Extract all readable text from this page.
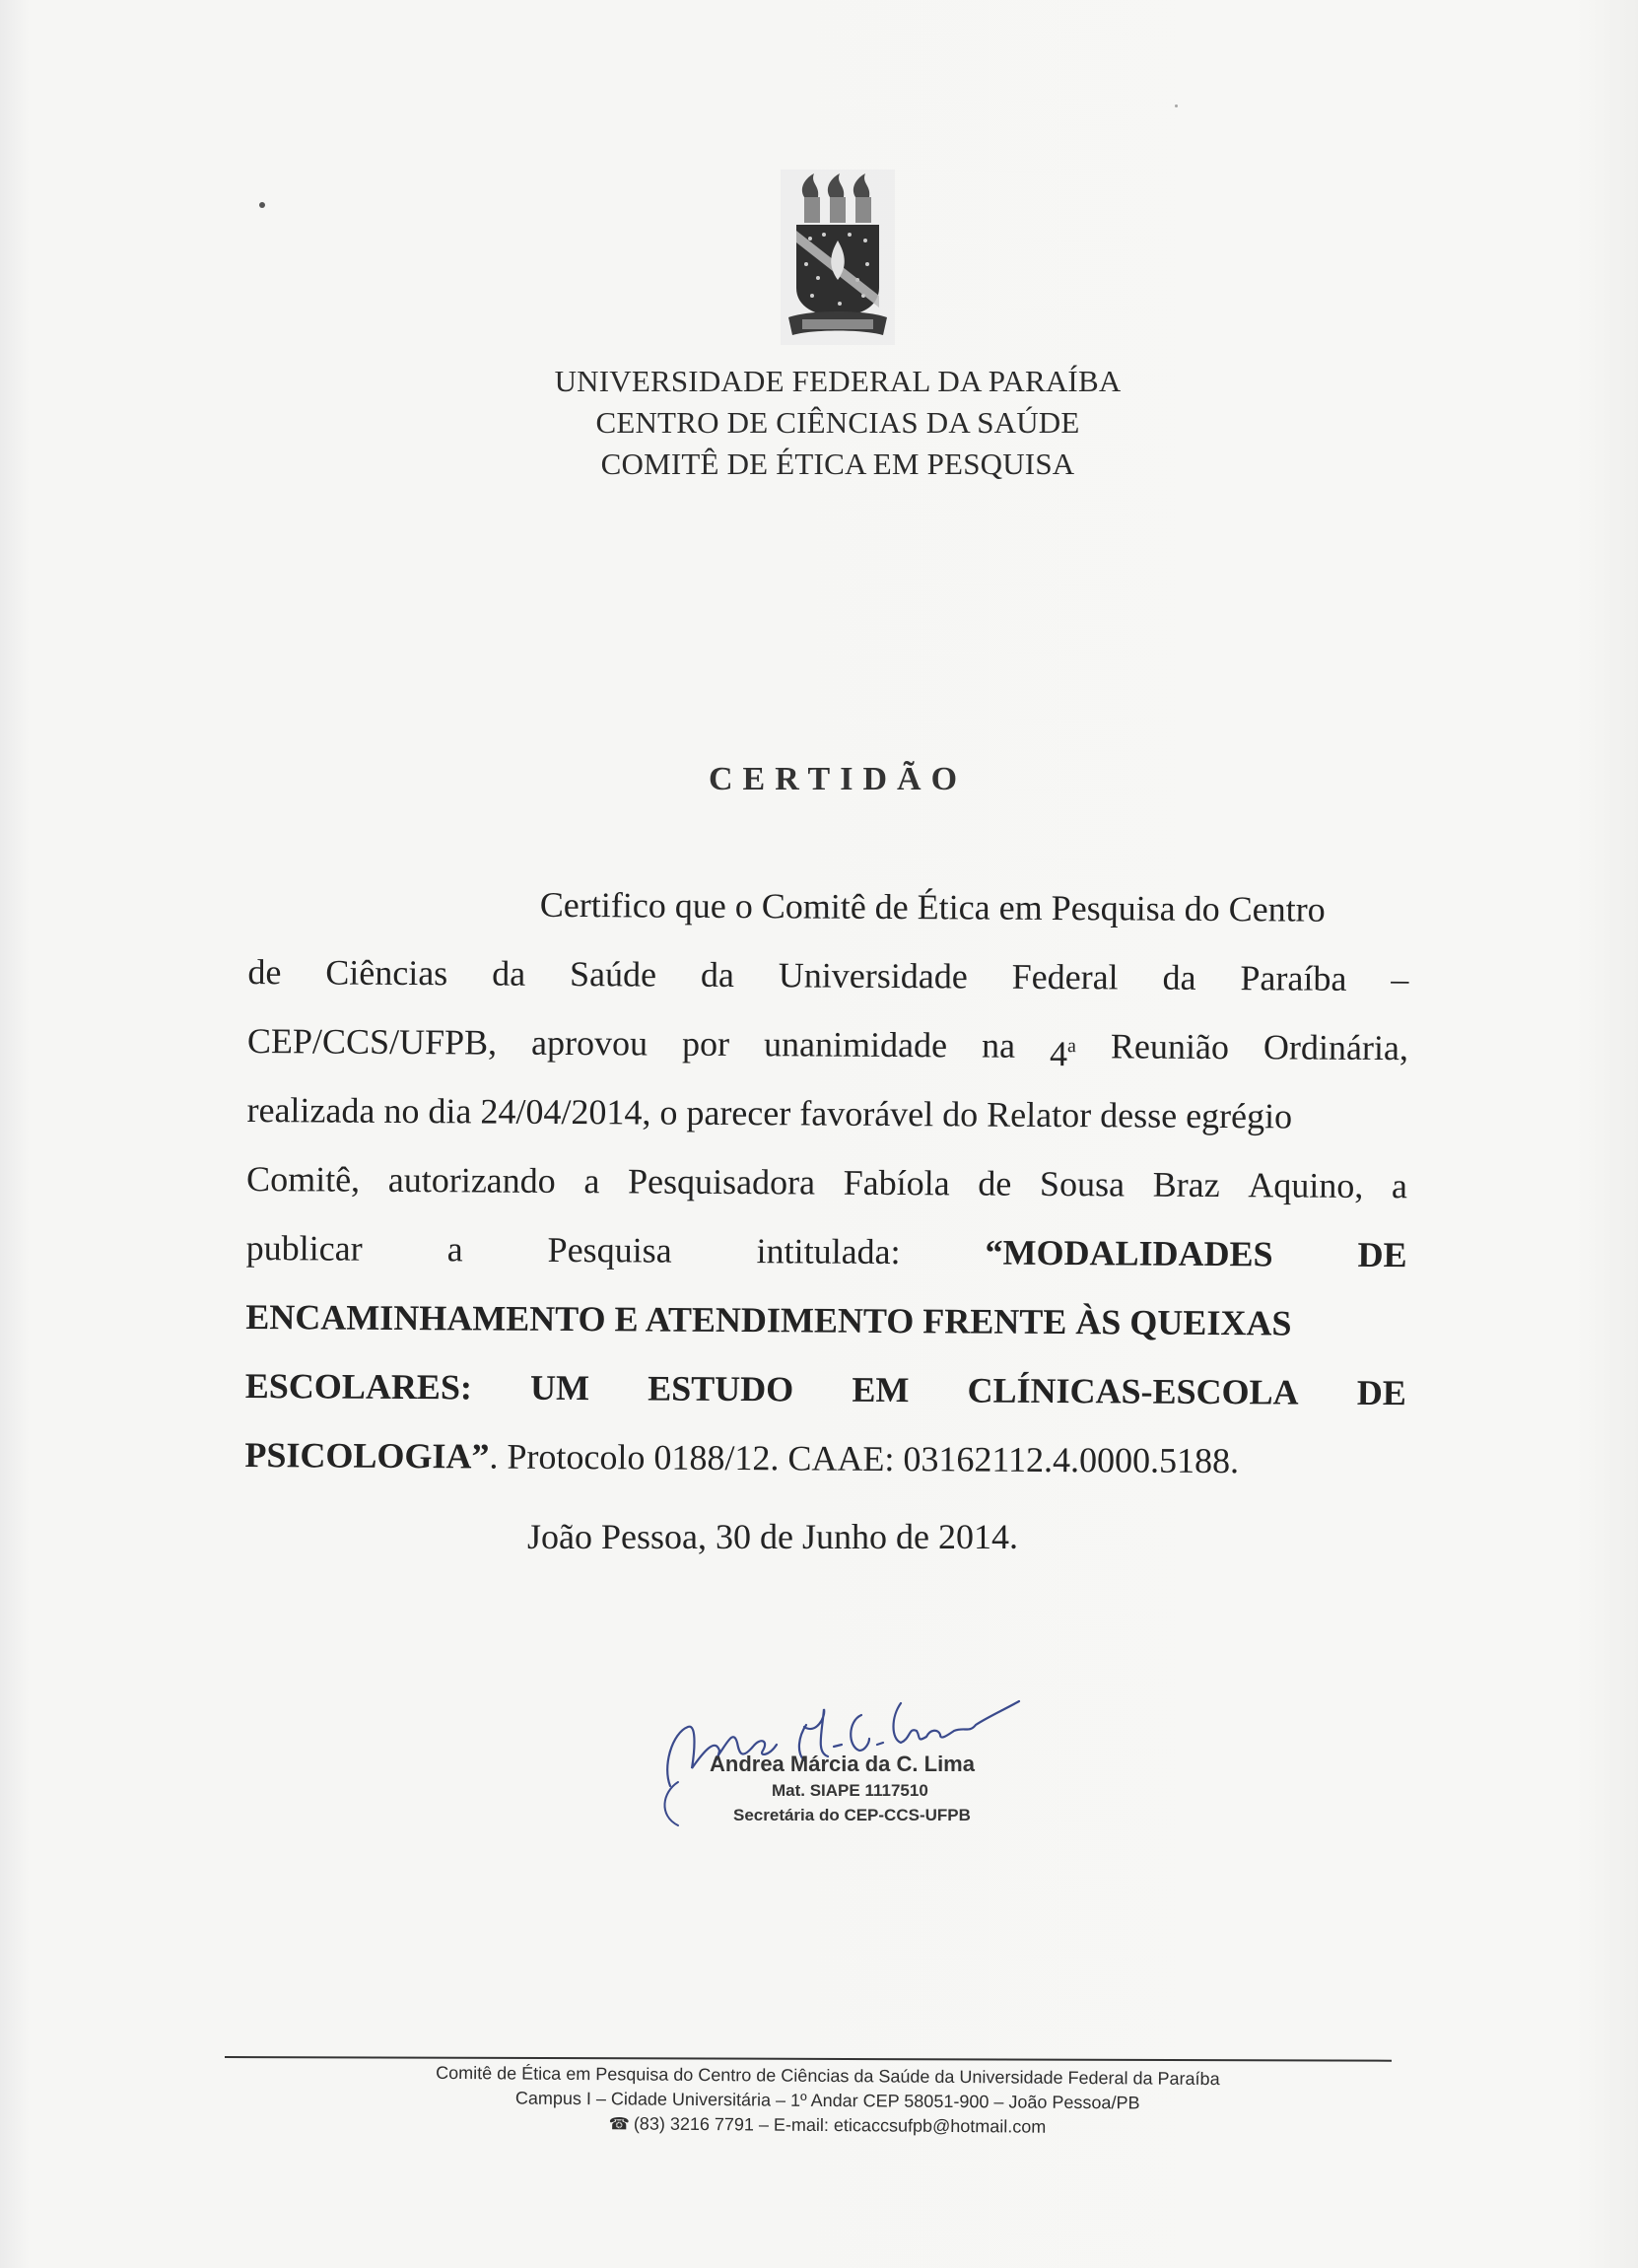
UNIVERSIDADE FEDERAL DA PARAÍBA
CENTRO DE CIÊNCIAS DA SAÚDE
COMITÊ DE ÉTICA EM PESQUISA
CERTIDÃO
Certifico que o Comitê de Ética em Pesquisa do Centro
de Ciências da Saúde da Universidade Federal da Paraíba –
CEP/CCS/UFPB, aprovou por unanimidade na 4$^a$ Reunião Ordinária,
realizada no dia 24/04/2014, o parecer favorável do Relator desse egrégio
Comitê, autorizando a Pesquisadora Fabíola de Sousa Braz Aquino, a
publicar a Pesquisa intitulada: “MODALIDADES DE
ENCAMINHAMENTO E ATENDIMENTO FRENTE ÀS QUEIXAS
ESCOLARES: UM ESTUDO EM CLÍNICAS-ESCOLA DE
PSICOLOGIA” . Protocolo 0188/12. CAAE: 03162112.4.0000.5188.
João Pessoa, 30 de Junho de 2014.
Andrea Márcia da C. Lima
Mat. SIAPE 1117510
Secretária do CEP-CCS-UFPB
Comitê de Ética em Pesquisa do Centro de Ciências da Saúde da Universidade Federal da Paraíba
Campus I – Cidade Universitária – 1º Andar CEP 58051-900 – João Pessoa/PB
☎ (83) 3216 7791 – E-mail: eticaccsufpb@hotmail.com
